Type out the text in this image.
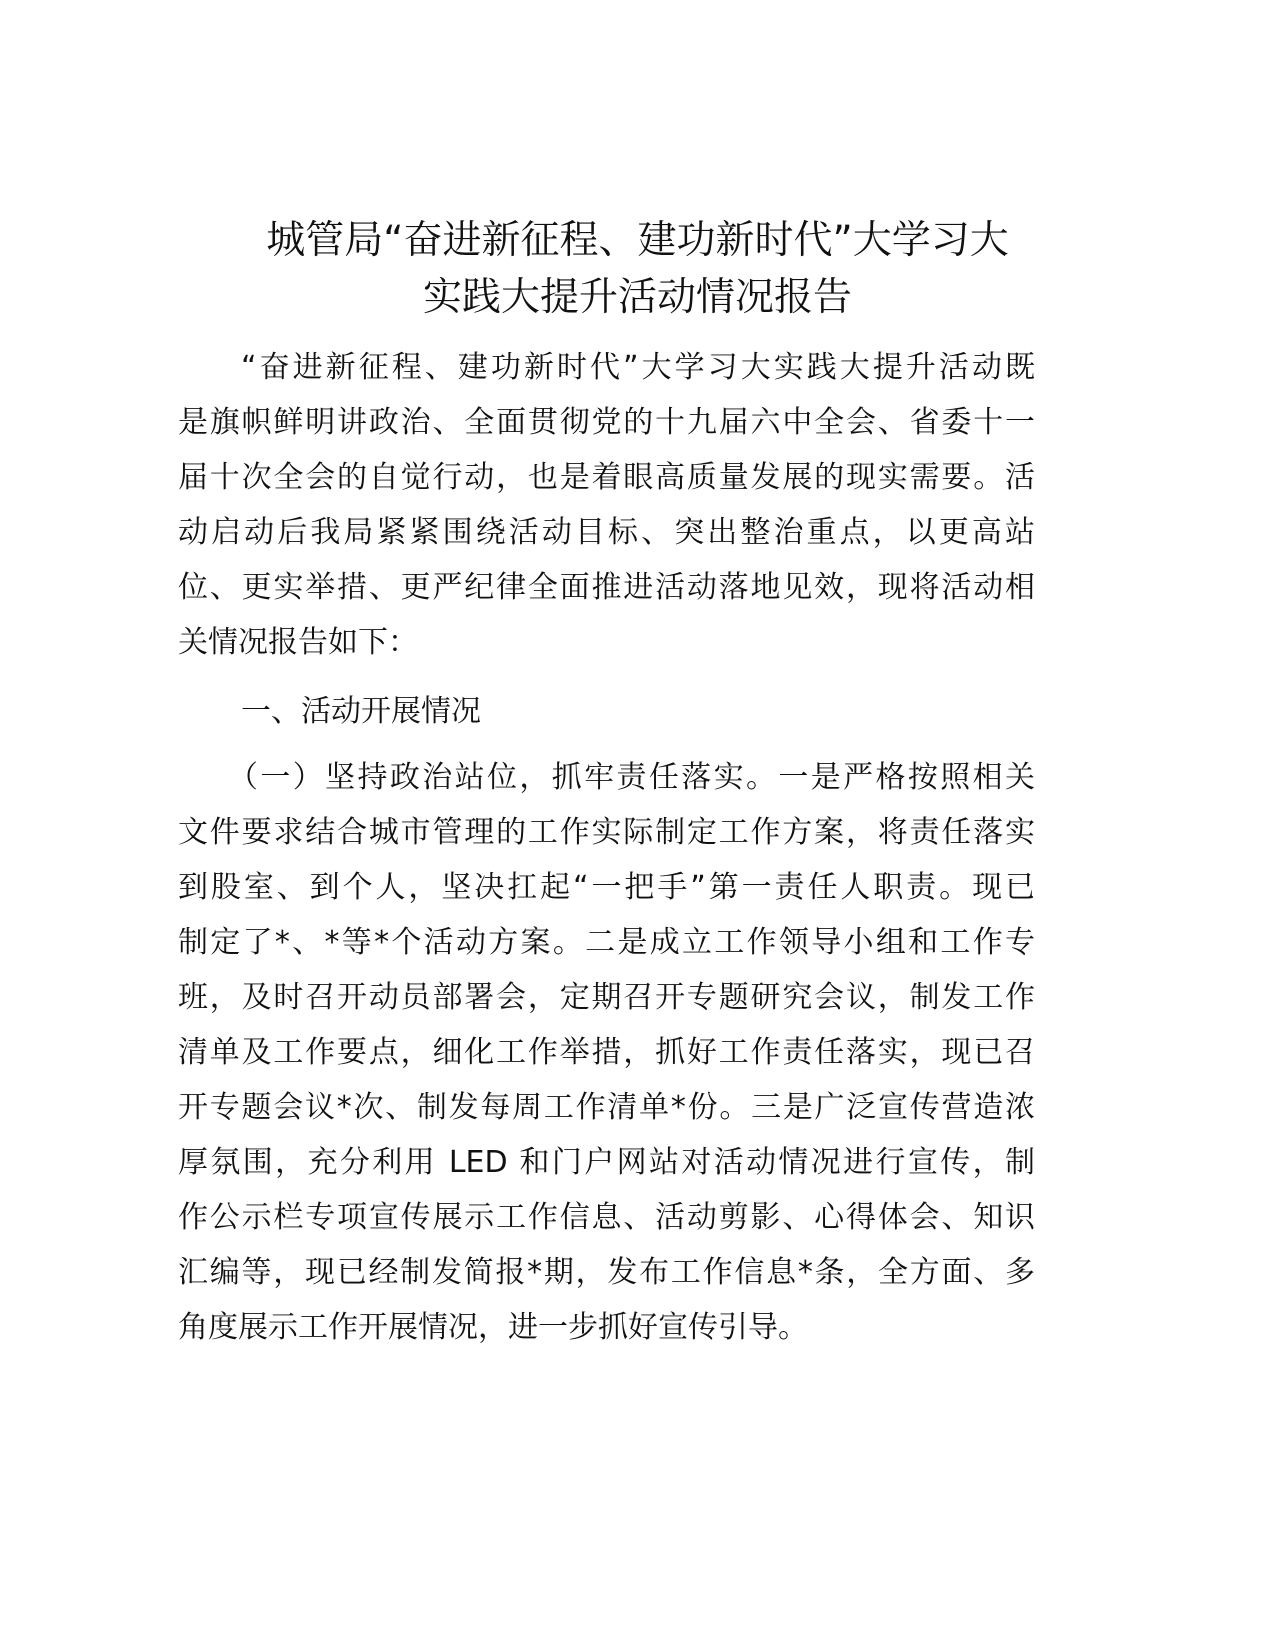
城管局“奋进新征程、建功新时代”大学习大
实践大提升活动情况报告
“奋进新征程、建功新时代”大学习大实践大提升活动既
是旗帜鲜明讲政治、全面贯彻党的十九届六中全会、省委十一
届十次全会的自觉行动，也是着眼高质量发展的现实需要。活
动启动后我局紧紧围绕活动目标、突出整治重点，以更高站
位、更实举措、更严纪律全面推进活动落地见效，现将活动相
关情况报告如下：
一、活动开展情况
（一）坚持政治站位，抓牢责任落实。一是严格按照相关
文件要求结合城市管理的工作实际制定工作方案，将责任落实
到股室、到个人，坚决扛起“一把手”第一责任人职责。现已
制定了*、*等*个活动方案。二是成立工作领导小组和工作专
班，及时召开动员部署会，定期召开专题研究会议，制发工作
清单及工作要点，细化工作举措，抓好工作责任落实，现已召
开专题会议*次、制发每周工作清单*份。三是广泛宣传营造浓
厚氛围，充分利用 LED 和门户网站对活动情况进行宣传，制
作公示栏专项宣传展示工作信息、活动剪影、心得体会、知识
汇编等，现已经制发简报*期，发布工作信息*条，全方面、多
角度展示工作开展情况，进一步抓好宣传引导。
